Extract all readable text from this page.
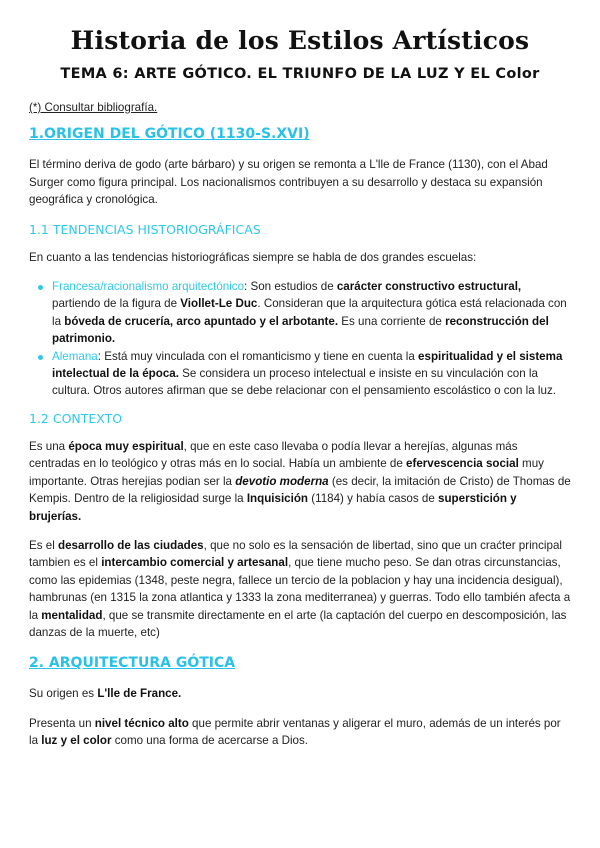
Historia de los Estilos Artísticos
TEMA 6: ARTE GÓTICO. EL TRIUNFO DE LA LUZ Y EL Color

(*) Consultar bibliografía.

1.ORIGEN DEL GÓTICO (1130-S.XVI)

El término deriva de godo (arte bárbaro) y su origen se remonta a L'lle de France (1130), con el Abad Surger como figura principal. Los nacionalismos contribuyen a su desarrollo y destaca su expansión geográfica y cronológica.

1.1 TENDENCIAS HISTORIOGRÁFICAS

En cuanto a las tendencias historiográficas siempre se habla de dos grandes escuelas:

Francesa/racionalismo arquitectónico: Son estudios de carácter constructivo estructural, partiendo de la figura de Viollet-Le Duc. Consideran que la arquitectura gótica está relacionada con la bóveda de crucería, arco apuntado y el arbotante. Es una corriente de reconstrucción del patrimonio.
Alemana: Está muy vinculada con el romanticismo y tiene en cuenta la espiritualidad y el sistema intelectual de la época. Se considera un proceso intelectual e insiste en su vinculación con la cultura. Otros autores afirman que se debe relacionar con el pensamiento escolástico o con la luz.
1.2 CONTEXTO

Es una época muy espiritual, que en este caso llevaba o podía llevar a herejías, algunas más centradas en lo teológico y otras más en lo social. Había un ambiente de efervescencia social muy importante. Otras herejias podian ser la devotio moderna (es decir, la imitación de Cristo) de Thomas de Kempis. Dentro de la religiosidad surge la Inquisición (1184) y había casos de superstición y brujerías.

Es el desarrollo de las ciudades, que no solo es la sensación de libertad, sino que un craćter principal tambien es el intercambio comercial y artesanal, que tiene mucho peso. Se dan otras circunstancias, como las epidemias (1348, peste negra, fallece un tercio de la poblacion y hay una incidencia desigual), hambrunas (en 1315 la zona atlantica y 1333 la zona mediterranea) y guerras. Todo ello también afecta a la mentalidad, que se transmite directamente en el arte (la captación del cuerpo en descomposición, las danzas de la muerte, etc)

2. ARQUITECTURA GÓTICA

Su origen es L'lle de France.

Presenta un nivel técnico alto que permite abrir ventanas y aligerar el muro, además de un interés por la luz y el color como una forma de acercarse a Dios.
